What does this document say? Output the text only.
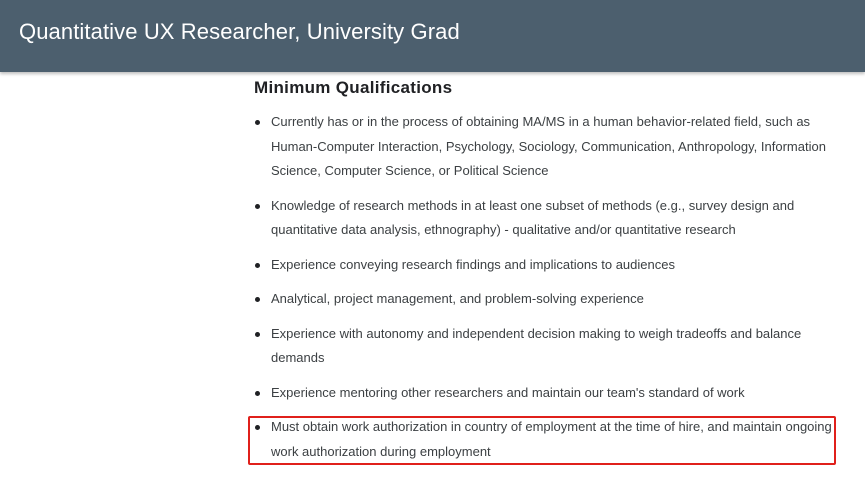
Quantitative UX Researcher, University Grad
Minimum Qualifications
Currently has or in the process of obtaining MA/MS in a human behavior-related field, such as Human-Computer Interaction, Psychology, Sociology, Communication, Anthropology, Information Science, Computer Science, or Political Science
Knowledge of research methods in at least one subset of methods (e.g., survey design and quantitative data analysis, ethnography) - qualitative and/or quantitative research
Experience conveying research findings and implications to audiences
Analytical, project management, and problem-solving experience
Experience with autonomy and independent decision making to weigh tradeoffs and balance demands
Experience mentoring other researchers and maintain our team's standard of work
Must obtain work authorization in country of employment at the time of hire, and maintain ongoing work authorization during employment
